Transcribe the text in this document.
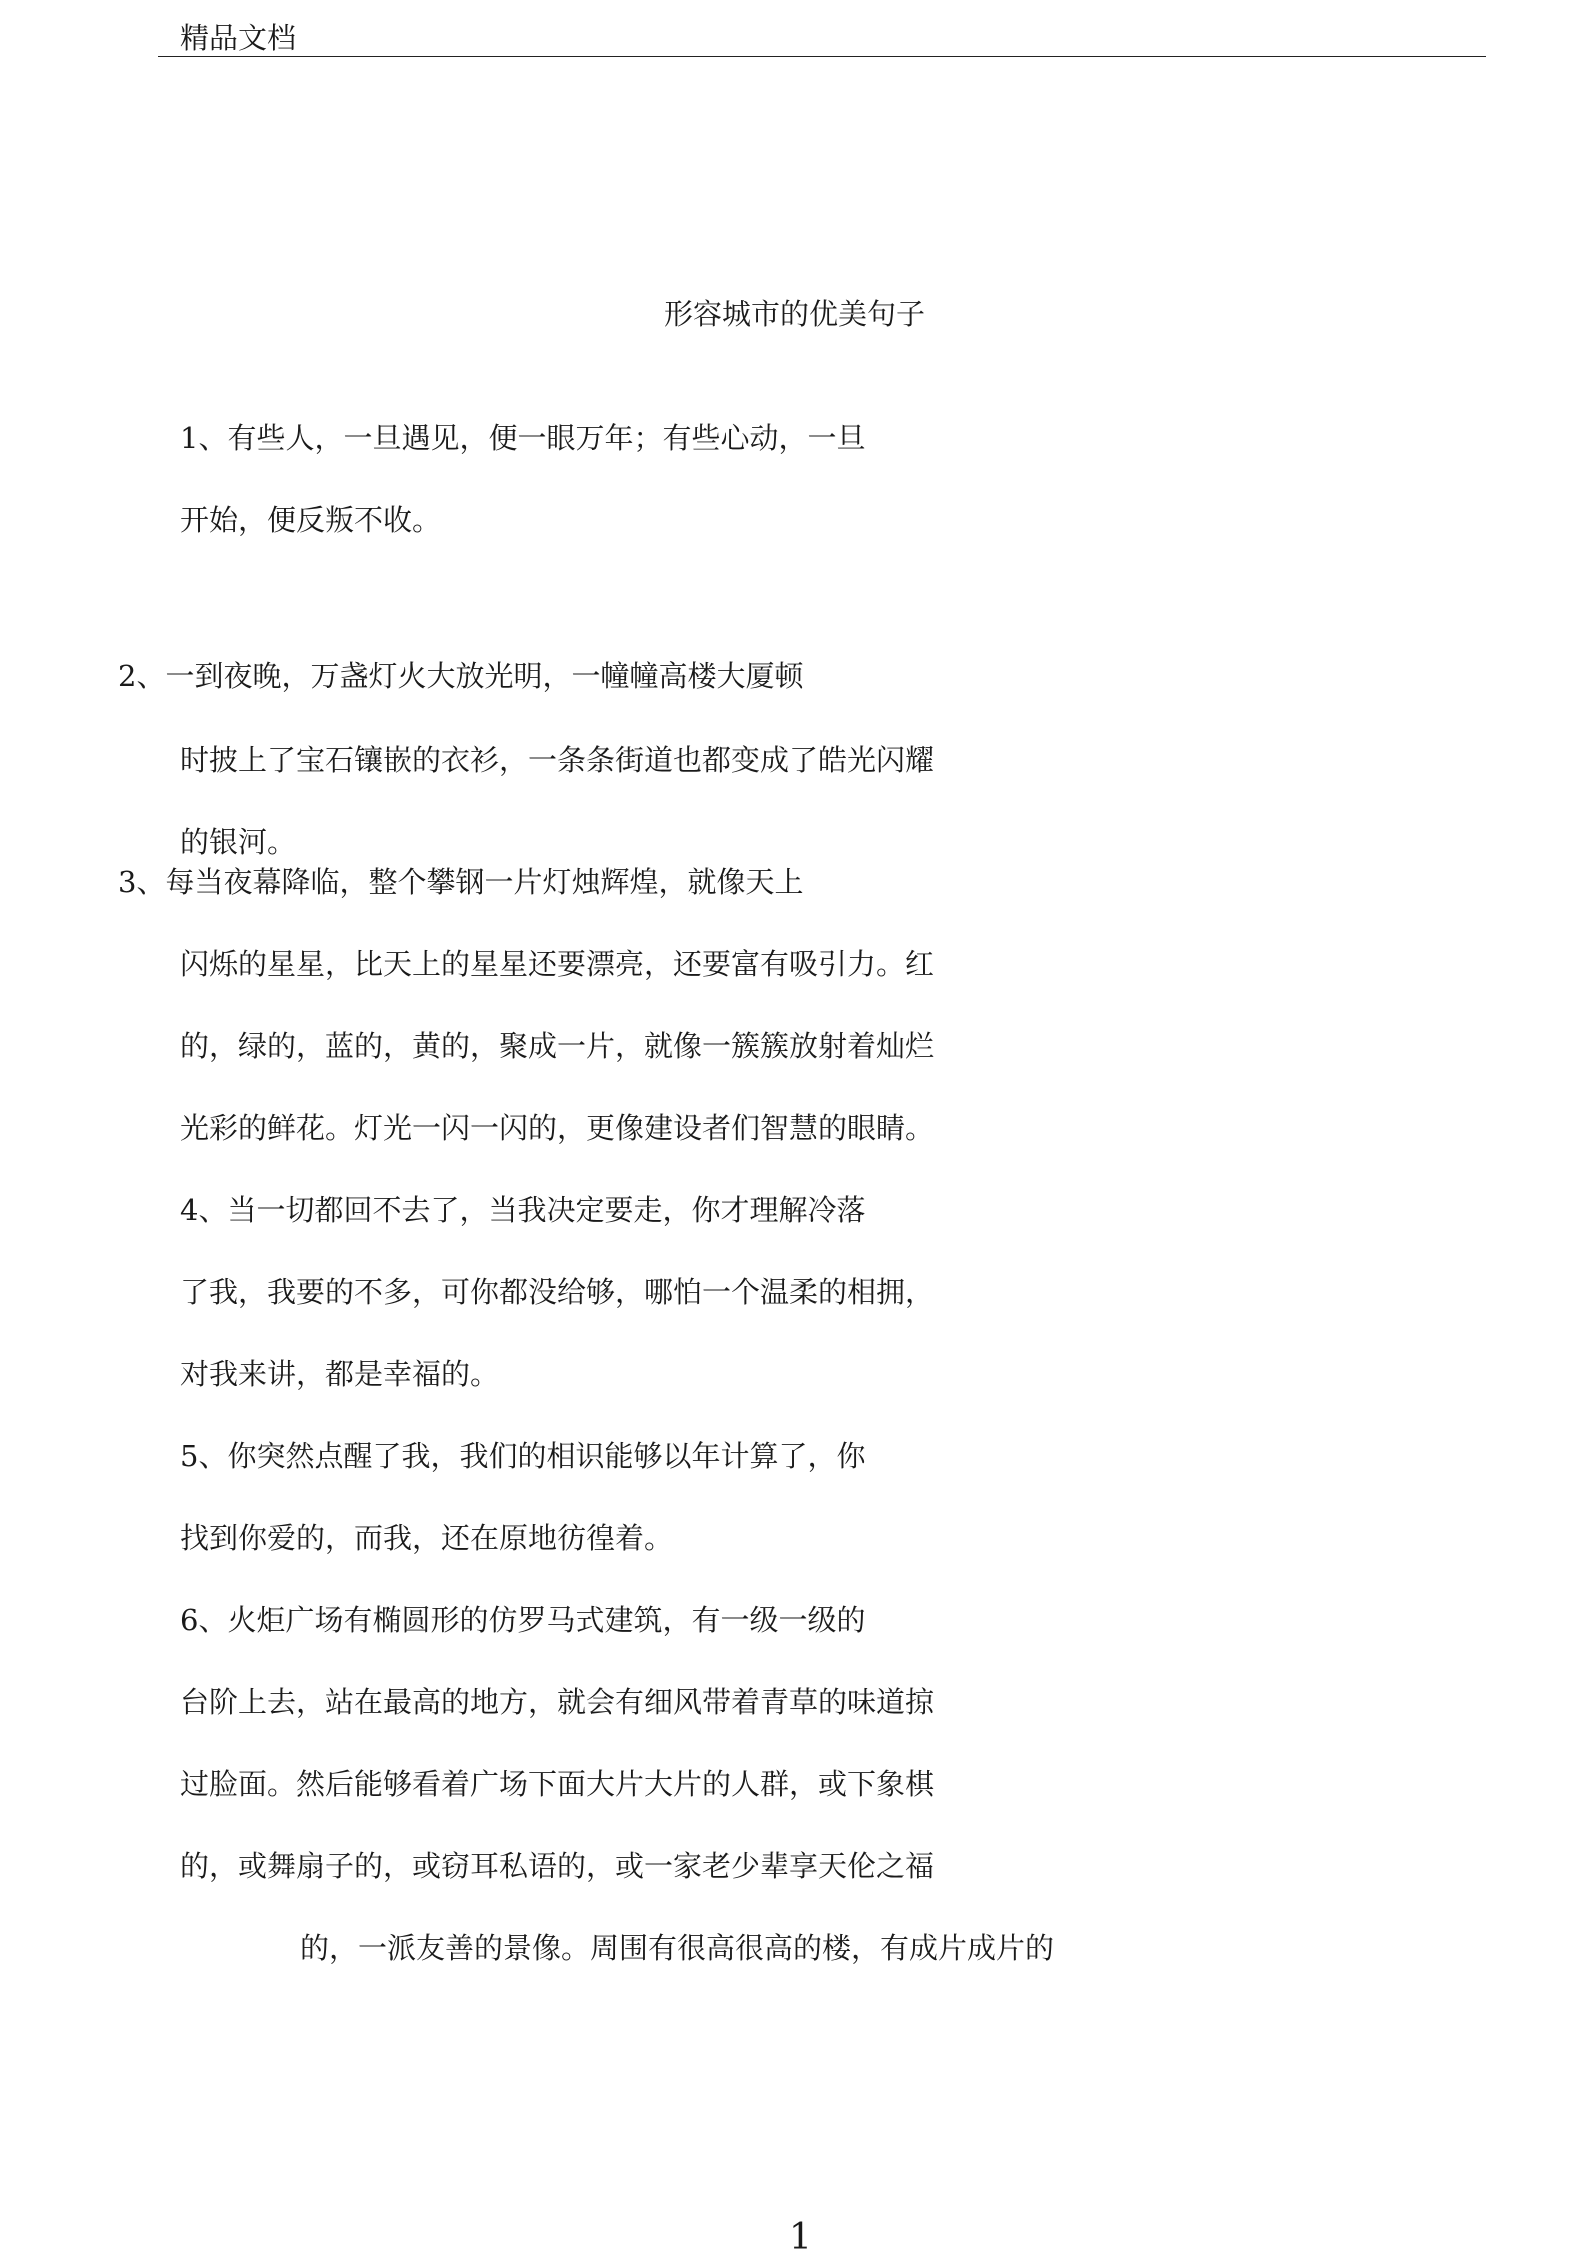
精品文档
形容城市的优美句子
1、有些人，一旦遇见，便一眼万年；有些心动，一旦
开始，便反叛不收。
2、一到夜晚，万盏灯火大放光明，一幢幢高楼大厦顿
时披上了宝石镶嵌的衣衫，一条条街道也都变成了皓光闪耀
的银河。
3、每当夜幕降临，整个攀钢一片灯烛辉煌，就像天上
闪烁的星星，比天上的星星还要漂亮，还要富有吸引力。红
的，绿的，蓝的，黄的，聚成一片，就像一簇簇放射着灿烂
光彩的鲜花。灯光一闪一闪的，更像建设者们智慧的眼睛。
4、当一切都回不去了，当我决定要走，你才理解冷落
了我，我要的不多，可你都没给够，哪怕一个温柔的相拥，
对我来讲，都是幸福的。
5、你突然点醒了我，我们的相识能够以年计算了，你
找到你爱的，而我，还在原地彷徨着。
6、火炬广场有椭圆形的仿罗马式建筑，有一级一级的
台阶上去，站在最高的地方，就会有细风带着青草的味道掠
过脸面。然后能够看着广场下面大片大片的人群，或下象棋
的，或舞扇子的，或窃耳私语的，或一家老少辈享天伦之福
的，一派友善的景像。周围有很高很高的楼，有成片成片的
1
